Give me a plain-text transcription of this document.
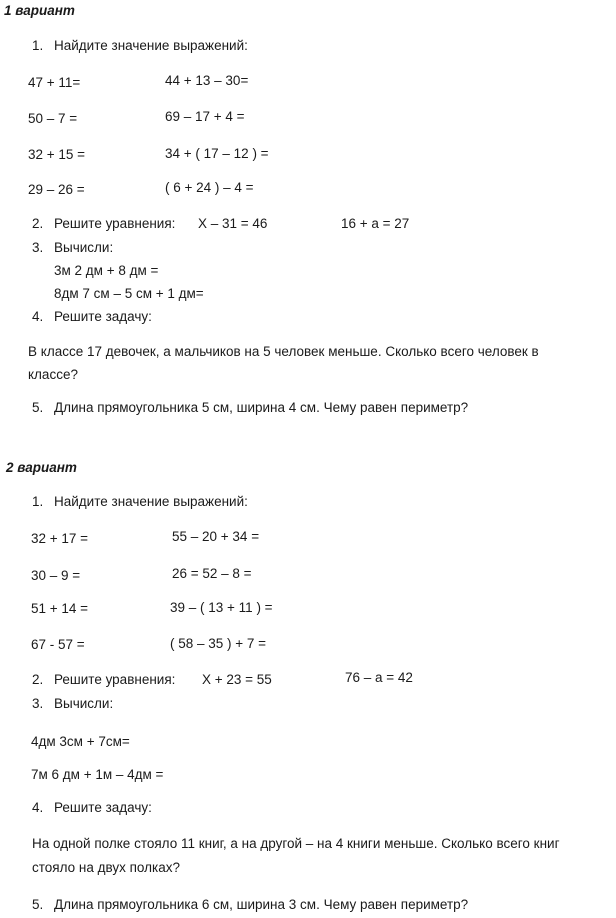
1 вариант
1. Найдите значение выражений:
47 + 11=	44 + 13 – 30=
50 – 7 =	69 – 17 + 4 =
32 + 15 =	34 + ( 17 – 12 ) =
29 – 26 =	( 6 + 24 ) – 4 =
2. Решите уравнения: Х – 31 = 46	16 + а = 27
3. Вычисли:
3м 2 дм + 8 дм =
8дм 7 см – 5 см + 1 дм=
4. Решите задачу:
В классе 17 девочек, а мальчиков на 5 человек меньше. Сколько всего человек в
классе?
5. Длина прямоугольника 5 см, ширина 4 см. Чему равен периметр?
2 вариант
1. Найдите значение выражений:
32 + 17 =	55 – 20 + 34 =
30 – 9 =	26 = 52 – 8 =
51 + 14 =	39 – ( 13 + 11 ) =
67 - 57 =	( 58 – 35 ) + 7 =
2. Решите уравнения: Х + 23 = 55	76 – а = 42
3. Вычисли:
4дм 3см + 7см=
7м 6 дм + 1м – 4дм =
4. Решите задачу:
На одной полке стояло 11 книг, а на другой – на 4 книги меньше. Сколько всего книг
стояло на двух полках?
5. Длина прямоугольника 6 см, ширина 3 см. Чему равен периметр?
